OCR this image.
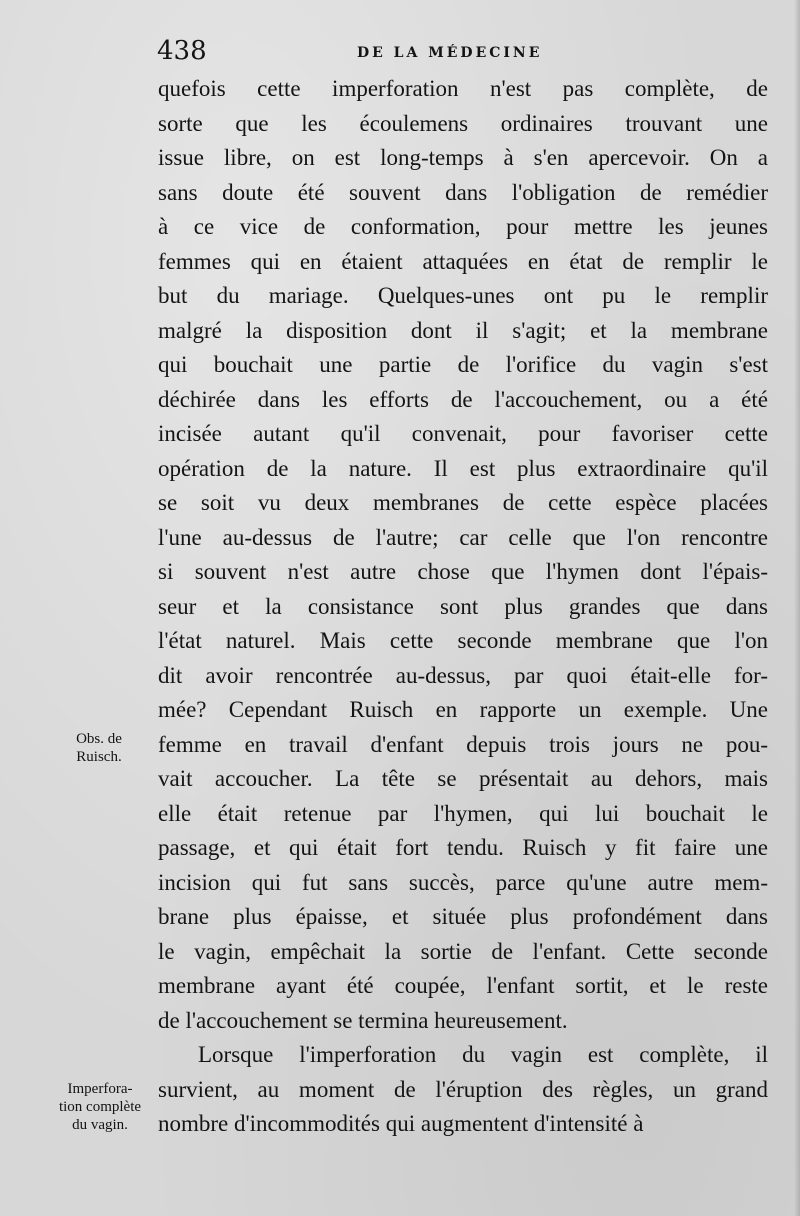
438	DE LA MÉDECINE
quefois cette imperforation n'est pas complète, de
sorte que les écoulemens ordinaires trouvant une
issue libre, on est long-temps à s'en apercevoir. On a
sans doute été souvent dans l'obligation de remédier
à ce vice de conformation, pour mettre les jeunes
femmes qui en étaient attaquées en état de remplir le
but du mariage. Quelques-unes ont pu le remplir
malgré la disposition dont il s'agit; et la membrane
qui bouchait une partie de l'orifice du vagin s'est
déchirée dans les efforts de l'accouchement, ou a été
incisée autant qu'il convenait, pour favoriser cette
opération de la nature. Il est plus extraordinaire qu'il
se soit vu deux membranes de cette espèce placées
l'une au-dessus de l'autre; car celle que l'on rencontre
si souvent n'est autre chose que l'hymen dont l'épais-
seur et la consistance sont plus grandes que dans
l'état naturel. Mais cette seconde membrane que l'on
dit avoir rencontrée au-dessus, par quoi était-elle for-
mée? Cependant Ruisch en rapporte un exemple. Une
femme en travail d'enfant depuis trois jours ne pou-
vait accoucher. La tête se présentait au dehors, mais
elle était retenue par l'hymen, qui lui bouchait le
passage, et qui était fort tendu. Ruisch y fit faire une
incision qui fut sans succès, parce qu'une autre mem-
brane plus épaisse, et située plus profondément dans
le vagin, empêchait la sortie de l'enfant. Cette seconde
membrane ayant été coupée, l'enfant sortit, et le reste
de l'accouchement se termina heureusement.
Lorsque l'imperforation du vagin est complète, il
survient, au moment de l'éruption des règles, un grand
nombre d'incommodités qui augmentent d'intensité à
Obs. de
Ruisch.
Imperfora-
tion complète
du vagin.
